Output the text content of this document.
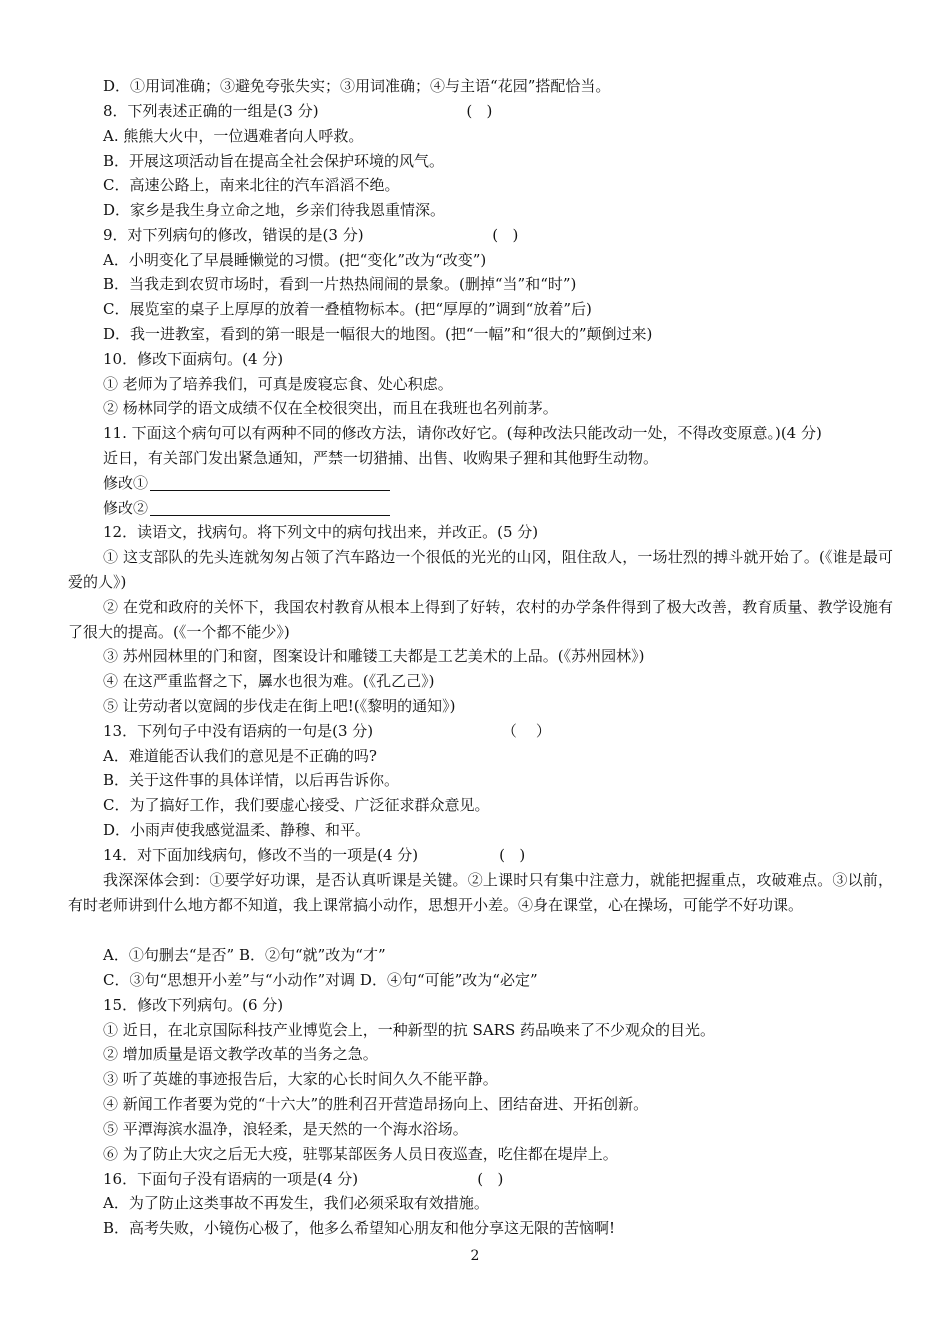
D．①用词准确；③避免夸张失实；③用词准确；④与主语“花园”搭配恰当。
8．下列表述正确的一组是(3 分)                               (   )
A. 熊熊大火中，一位遇难者向人呼救。
B．开展这项活动旨在提高全社会保护环境的风气。
C．高速公路上，南来北往的汽车滔滔不绝。
D．家乡是我生身立命之地，乡亲们待我恩重情深。
9．对下列病句的修改，错误的是(3 分)                           (   )
A．小明变化了早晨睡懒觉的习惯。(把“变化”改为“改变”)
B．当我走到农贸市场时，看到一片热热闹闹的景象。(删掉“当”和“时”)
C．展览室的桌子上厚厚的放着一叠植物标本。(把“厚厚的”调到“放着”后)
D．我一进教室，看到的第一眼是一幅很大的地图。(把“一幅”和“很大的”颠倒过来)
10．修改下面病句。(4 分)
① 老师为了培养我们，可真是废寝忘食、处心积虑。
② 杨林同学的语文成绩不仅在全校很突出，而且在我班也名列前茅。
11. 下面这个病句可以有两种不同的修改方法，请你改好它。(每种改法只能改动一处，不得改变原意。)(4 分)
近日，有关部门发出紧急通知，严禁一切猎捕、出售、收购果子狸和其他野生动物。
修改①
修改②
12．读语文，找病句。将下列文中的病句找出来，并改正。(5 分)
① 这支部队的先头连就匆匆占领了汽车路边一个很低的光光的山冈，阻住敌人，一场壮烈的搏斗就开始了。(《谁是最可爱的人》)
② 在党和政府的关怀下，我国农村教育从根本上得到了好转，农村的办学条件得到了极大改善，教育质量、教学设施有了很大的提高。(《一个都不能少》)
③ 苏州园林里的门和窗，图案设计和雕镂工夫都是工艺美术的上品。(《苏州园林》)
④ 在这严重监督之下，羼水也很为难。(《孔乙己》)
⑤ 让劳动者以宽阔的步伐走在街上吧!(《黎明的通知》)
13．下列句子中没有语病的一句是(3 分)                           （    ）
A．难道能否认我们的意见是不正确的吗?
B．关于这件事的具体详情，以后再告诉你。
C．为了搞好工作，我们要虚心接受、广泛征求群众意见。
D．小雨声使我感觉温柔、静穆、和平。
14．对下面加线病句，修改不当的一项是(4 分)                 (   )
我深深体会到：①要学好功课，是否认真听课是关键。②上课时只有集中注意力，就能把握重点，攻破难点。③以前，有时老师讲到什么地方都不知道，我上课常搞小动作，思想开小差。④身在课堂，心在操场，可能学不好功课。
A．①句删去“是否” B．②句“就”改为“才”
C．③句“思想开小差”与“小动作”对调 D．④句“可能”改为“必定”
15．修改下列病句。(6 分)
① 近日，在北京国际科技产业博览会上，一种新型的抗 SARS 药品唤来了不少观众的目光。
② 增加质量是语文教学改革的当务之急。
③ 听了英雄的事迹报告后，大家的心长时间久久不能平静。
④ 新闻工作者要为党的“十六大”的胜利召开营造昂扬向上、团结奋进、开拓创新。
⑤ 平潭海滨水温净，浪轻柔，是天然的一个海水浴场。
⑥ 为了防止大灾之后无大疫，驻鄂某部医务人员日夜巡查，吃住都在堤岸上。
16．下面句子没有语病的一项是(4 分)                         (   )
A．为了防止这类事故不再发生，我们必须采取有效措施。
B．高考失败，小镜伤心极了，他多么希望知心朋友和他分享这无限的苦恼啊!
2
